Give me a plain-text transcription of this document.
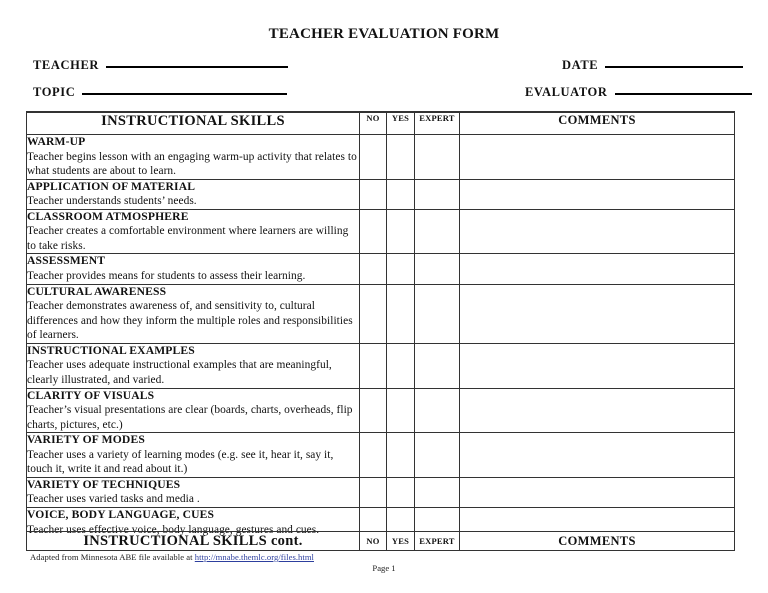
TEACHER EVALUATION FORM
TEACHER
TOPIC
DATE
EVALUATOR
INSTRUCTIONAL SKILLS	NO	YES	EXPERT	COMMENTS

WARM-UP
Teacher begins lesson with an engaging warm-up activity that relates to what students are about to learn.				

APPLICATION OF MATERIAL
Teacher understands students’ needs.				

CLASSROOM ATMOSPHERE
Teacher creates a comfortable environment where learners are willing to take risks.				

ASSESSMENT
Teacher provides means for students to assess their learning.				

CULTURAL AWARENESS
Teacher demonstrates awareness of, and sensitivity to, cultural differences and how they inform the multiple roles and responsibilities of learners.				

INSTRUCTIONAL EXAMPLES
Teacher uses adequate instructional examples that are meaningful, clearly illustrated, and varied.				

CLARITY OF VISUALS
Teacher’s visual presentations are clear (boards, charts, overheads, flip charts, pictures, etc.)				

VARIETY OF MODES
Teacher uses a variety of learning modes (e.g. see it, hear it, say it, touch it, write it and read about it.)				

VARIETY OF TECHNIQUES
Teacher uses varied tasks and media .				

VOICE, BODY LANGUAGE, CUES
Teacher uses effective voice, body language, gestures and cues.				

INSTRUCTIONAL SKILLS cont.	NO	YES	EXPERT	COMMENTS
Adapted from Minnesota ABE file available at http://mnabe.themlc.org/files.html
Page 1
